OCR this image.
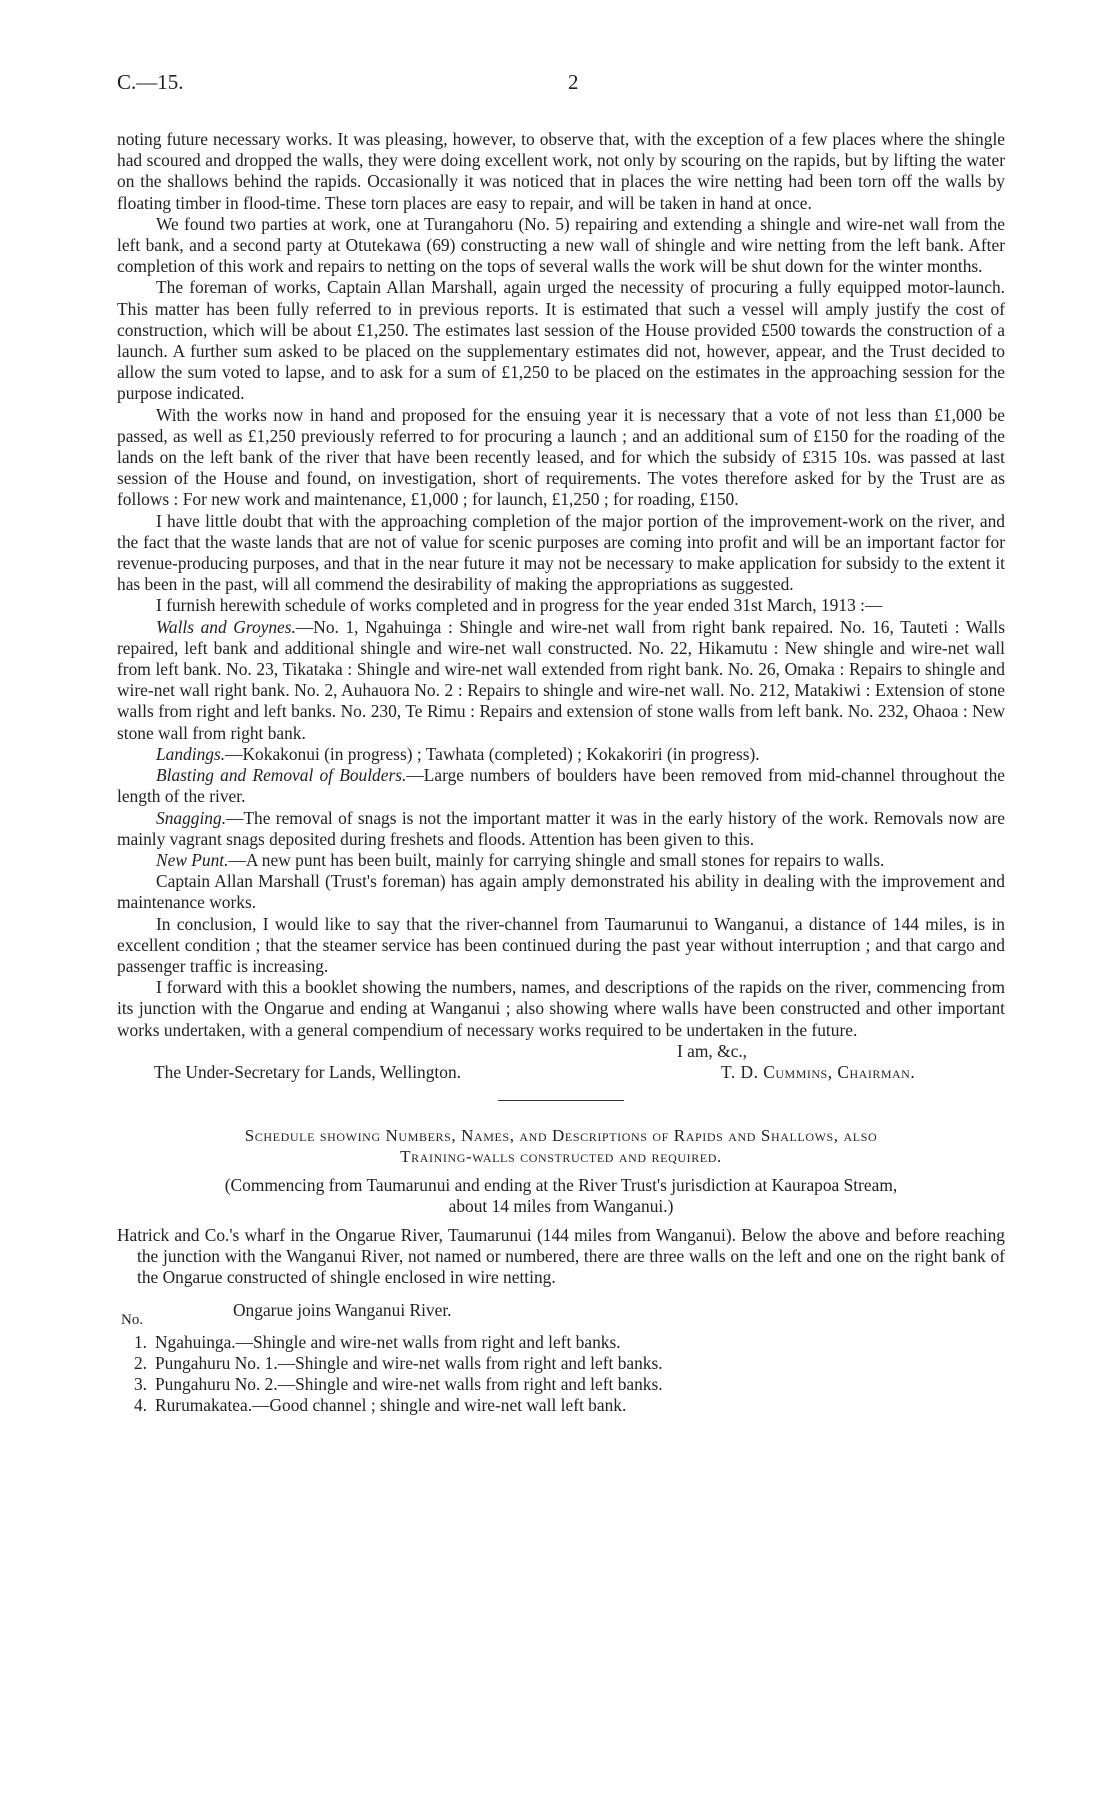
C.—15.	2

noting future necessary works. It was pleasing, however, to observe that, with the exception of a few places where the shingle had scoured and dropped the walls, they were doing excellent work, not only by scouring on the rapids, but by lifting the water on the shallows behind the rapids. Occasionally it was noticed that in places the wire netting had been torn off the walls by floating timber in flood-time. These torn places are easy to repair, and will be taken in hand at once.

We found two parties at work, one at Turangahoru (No. 5) repairing and extending a shingle and wire-net wall from the left bank, and a second party at Otutekawa (69) constructing a new wall of shingle and wire netting from the left bank. After completion of this work and repairs to netting on the tops of several walls the work will be shut down for the winter months.

The foreman of works, Captain Allan Marshall, again urged the necessity of procuring a fully equipped motor-launch. This matter has been fully referred to in previous reports. It is estimated that such a vessel will amply justify the cost of construction, which will be about £1,250. The estimates last session of the House provided £500 towards the construction of a launch. A further sum asked to be placed on the supplementary estimates did not, however, appear, and the Trust decided to allow the sum voted to lapse, and to ask for a sum of £1,250 to be placed on the estimates in the approaching session for the purpose indicated.

With the works now in hand and proposed for the ensuing year it is necessary that a vote of not less than £1,000 be passed, as well as £1,250 previously referred to for procuring a launch ; and an additional sum of £150 for the roading of the lands on the left bank of the river that have been recently leased, and for which the subsidy of £315 10s. was passed at last session of the House and found, on investigation, short of requirements. The votes therefore asked for by the Trust are as follows : For new work and maintenance, £1,000 ; for launch, £1,250 ; for roading, £150.

I have little doubt that with the approaching completion of the major portion of the improvement-work on the river, and the fact that the waste lands that are not of value for scenic purposes are coming into profit and will be an important factor for revenue-producing purposes, and that in the near future it may not be necessary to make application for subsidy to the extent it has been in the past, will all commend the desirability of making the appropriations as suggested.

I furnish herewith schedule of works completed and in progress for the year ended 31st March, 1913 :—

Walls and Groynes.—No. 1, Ngahuinga : Shingle and wire-net wall from right bank repaired. No. 16, Tauteti : Walls repaired, left bank and additional shingle and wire-net wall constructed. No. 22, Hikamutu : New shingle and wire-net wall from left bank. No. 23, Tikataka : Shingle and wire-net wall extended from right bank. No. 26, Omaka : Repairs to shingle and wire-net wall right bank. No. 2, Auhauora No. 2 : Repairs to shingle and wire-net wall. No. 212, Matakiwi : Extension of stone walls from right and left banks. No. 230, Te Rimu : Repairs and extension of stone walls from left bank. No. 232, Ohaoa : New stone wall from right bank.

Landings.—Kokakonui (in progress) ; Tawhata (completed) ; Kokakoriri (in progress).

Blasting and Removal of Boulders.—Large numbers of boulders have been removed from mid-channel throughout the length of the river.

Snagging.—The removal of snags is not the important matter it was in the early history of the work. Removals now are mainly vagrant snags deposited during freshets and floods. Attention has been given to this.

New Punt.—A new punt has been built, mainly for carrying shingle and small stones for repairs to walls.

Captain Allan Marshall (Trust's foreman) has again amply demonstrated his ability in dealing with the improvement and maintenance works.

In conclusion, I would like to say that the river-channel from Taumarunui to Wanganui, a distance of 144 miles, is in excellent condition ; that the steamer service has been continued during the past year without interruption ; and that cargo and passenger traffic is increasing.

I forward with this a booklet showing the numbers, names, and descriptions of the rapids on the river, commencing from its junction with the Ongarue and ending at Wanganui ; also showing where walls have been constructed and other important works undertaken, with a general compendium of necessary works required to be undertaken in the future.

I am, &c.,
The Under-Secretary for Lands, Wellington.	T. D. Cummins, Chairman.
Schedule showing Numbers, Names, and Descriptions of Rapids and Shallows, also
Training-walls constructed and required.
(Commencing from Taumarunui and ending at the River Trust's jurisdiction at Kaurapoa Stream,
about 14 miles from Wanganui.)
Hatrick and Co.'s wharf in the Ongarue River, Taumarunui (144 miles from Wanganui). Below the above and before reaching the junction with the Wanganui River, not named or numbered, there are three walls on the left and one on the right bank of the Ongarue constructed of shingle enclosed in wire netting.
No.	Ongarue joins Wanganui River.
1. Ngahuinga.—Shingle and wire-net walls from right and left banks.
2. Pungahuru No. 1.—Shingle and wire-net walls from right and left banks.
3. Pungahuru No. 2.—Shingle and wire-net walls from right and left banks.
4. Rurumakatea.—Good channel ; shingle and wire-net wall left bank.
